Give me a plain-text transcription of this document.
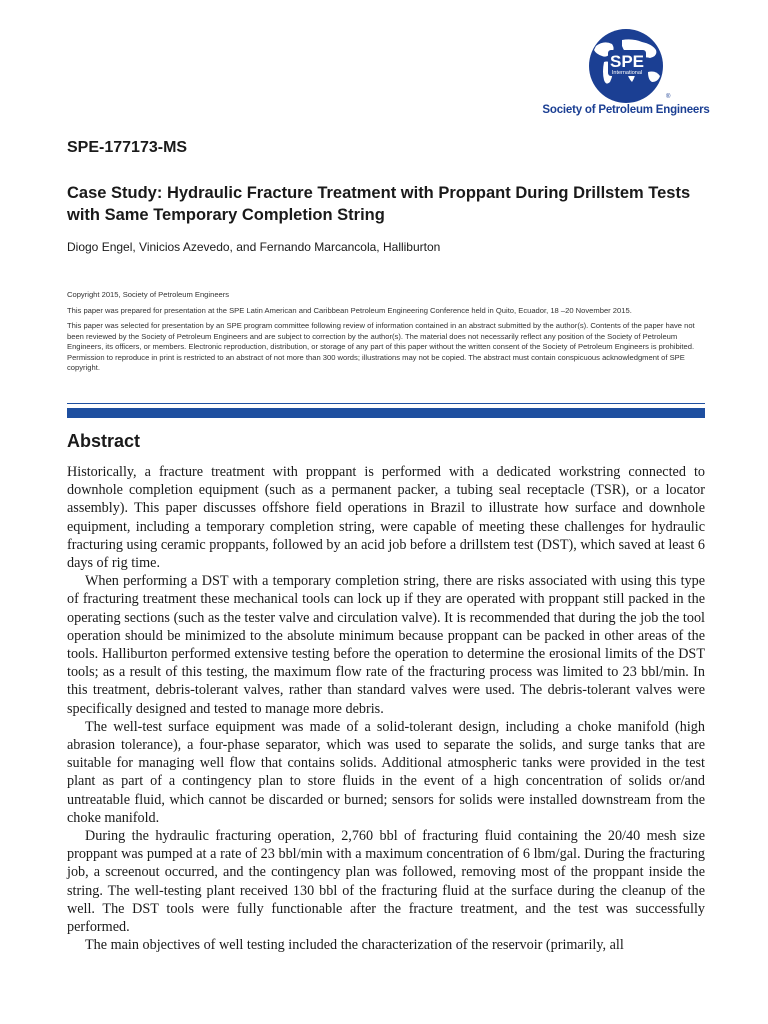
SPE
International
®
Society of Petroleum Engineers
SPE-177173-MS
Case Study: Hydraulic Fracture Treatment with Proppant During Drillstem Tests with Same Temporary Completion String
Diogo Engel, Vinicios Azevedo, and Fernando Marcancola, Halliburton

Copyright 2015, Society of Petroleum Engineers

This paper was prepared for presentation at the SPE Latin American and Caribbean Petroleum Engineering Conference held in Quito, Ecuador, 18 –20 November 2015.

This paper was selected for presentation by an SPE program committee following review of information contained in an abstract submitted by the author(s). Contents of the paper have not been reviewed by the Society of Petroleum Engineers and are subject to correction by the author(s). The material does not necessarily reflect any position of the Society of Petroleum Engineers, its officers, or members. Electronic reproduction, distribution, or storage of any part of this paper without the written consent of the Society of Petroleum Engineers is prohibited. Permission to reproduce in print is restricted to an abstract of not more than 300 words; illustrations may not be copied. The abstract must contain conspicuous acknowledgment of SPE copyright.

Abstract

Historically, a fracture treatment with proppant is performed with a dedicated workstring connected to downhole completion equipment (such as a permanent packer, a tubing seal receptacle (TSR), or a locator assembly). This paper discusses offshore field operations in Brazil to illustrate how surface and downhole equipment, including a temporary completion string, were capable of meeting these challenges for hydraulic fracturing using ceramic proppants, followed by an acid job before a drillstem test (DST), which saved at least 6 days of rig time.

When performing a DST with a temporary completion string, there are risks associated with using this type of fracturing treatment these mechanical tools can lock up if they are operated with proppant still packed in the operating sections (such as the tester valve and circulation valve). It is recommended that during the job the tool operation should be minimized to the absolute minimum because proppant can be packed in other areas of the tools. Halliburton performed extensive testing before the operation to determine the erosional limits of the DST tools; as a result of this testing, the maximum flow rate of the fracturing process was limited to 23 bbl/min. In this treatment, debris-tolerant valves, rather than standard valves were used. The debris-tolerant valves were specifically designed and tested to manage more debris.

The well-test surface equipment was made of a solid-tolerant design, including a choke manifold (high abrasion tolerance), a four-phase separator, which was used to separate the solids, and surge tanks that are suitable for managing well flow that contains solids. Additional atmospheric tanks were provided in the test plant as part of a contingency plan to store fluids in the event of a high concentration of solids or/and untreatable fluid, which cannot be discarded or burned; sensors for solids were installed downstream from the choke manifold.

During the hydraulic fracturing operation, 2,760 bbl of fracturing fluid containing the 20/40 mesh size proppant was pumped at a rate of 23 bbl/min with a maximum concentration of 6 lbm/gal. During the fracturing job, a screenout occurred, and the contingency plan was followed, removing most of the proppant inside the string. The well-testing plant received 130 bbl of the fracturing fluid at the surface during the cleanup of the well. The DST tools were fully functionable after the fracture treatment, and the test was successfully performed.

The main objectives of well testing included the characterization of the reservoir (primarily, all
